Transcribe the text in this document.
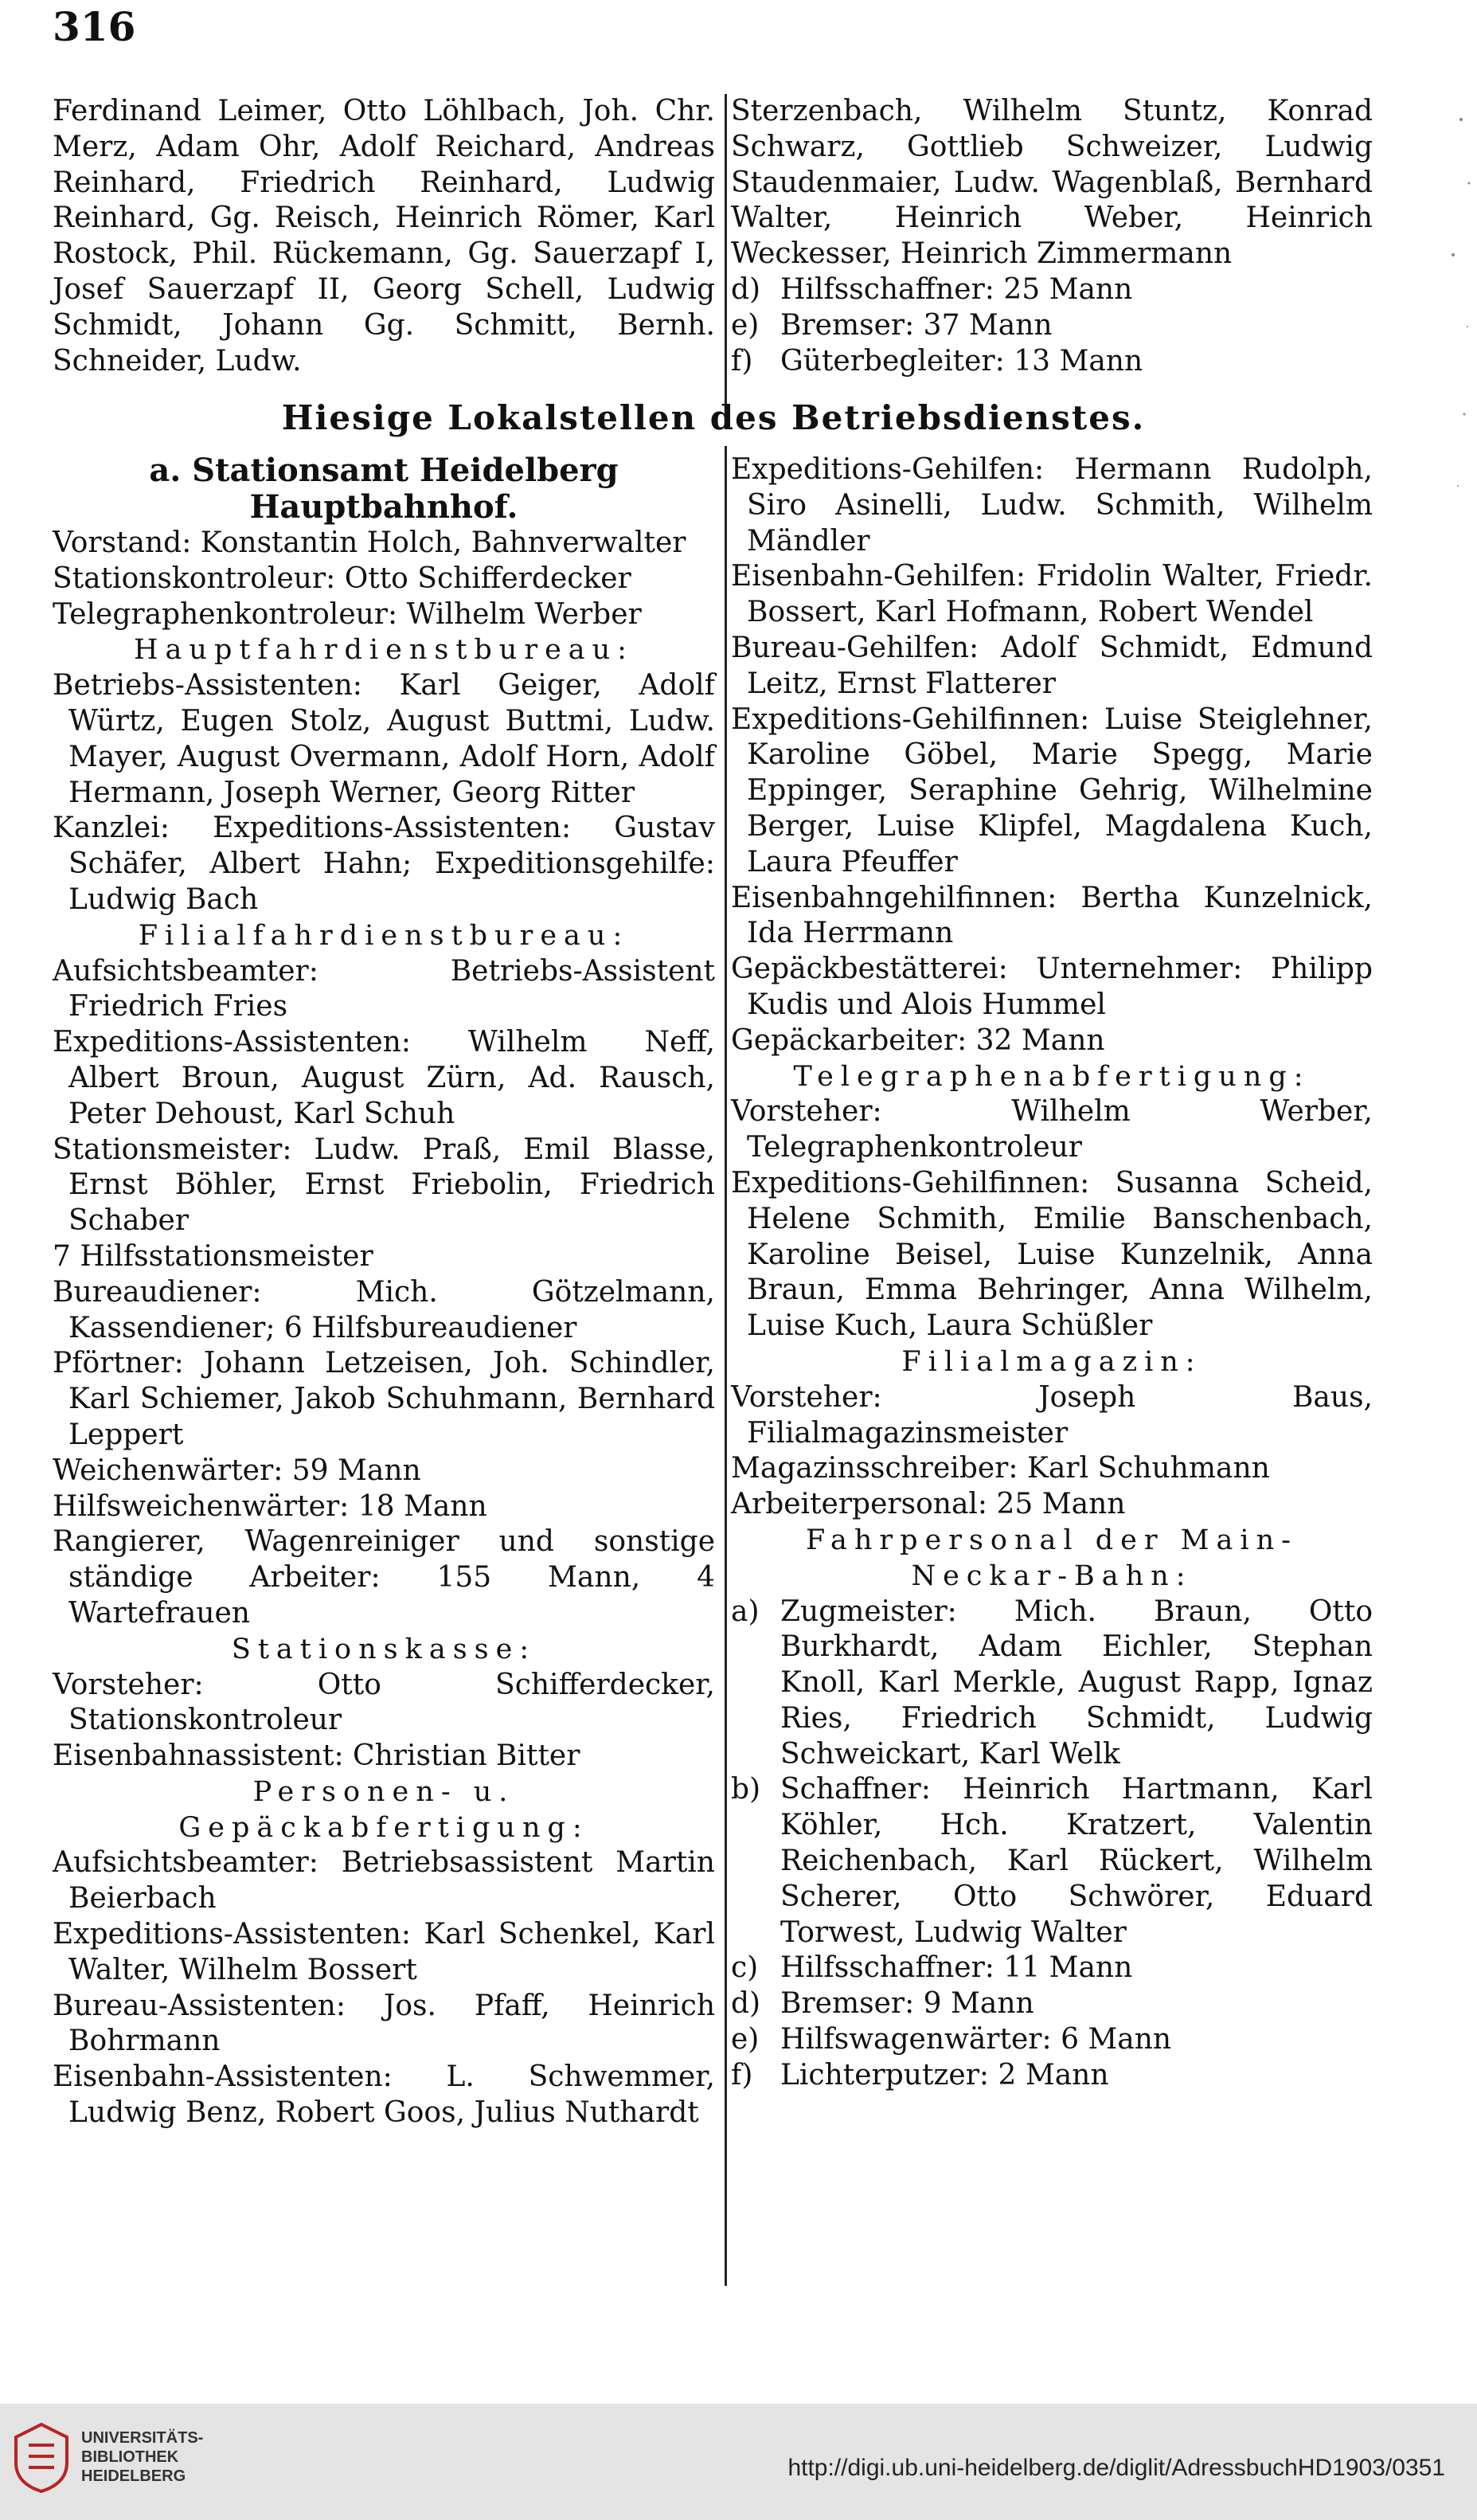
316
Ferdinand Leimer, Otto Löhlbach, Joh. Chr. Merz, Adam Ohr, Adolf Reichard, Andreas Reinhard, Friedrich Reinhard, Ludwig Reinhard, Gg. Reisch, Heinrich Römer, Karl Rostock, Phil. Rückemann, Gg. Sauerzapf I, Josef Sauerzapf II, Georg Schell, Ludwig Schmidt, Johann Gg. Schmitt, Bernh. Schneider, Ludw.
Sterzenbach, Wilhelm Stuntz, Konrad Schwarz, Gottlieb Schweizer, Ludwig Staudenmaier, Ludw. Wagenblaß, Bernhard Walter, Heinrich Weber, Heinrich Weckesser, Heinrich Zimmermann
d) Hilfsschaffner: 25 Mann
e) Bremser: 37 Mann
f) Güterbegleiter: 13 Mann
Hiesige Lokalstellen des Betriebsdienstes.
a. Stationsamt Heidelberg Hauptbahnhof.
Vorstand: Konstantin Holch, Bahnverwalter
Stationskontroleur: Otto Schifferdecker
Telegraphenkontroleur: Wilhelm Werber
Hauptfahrdienstbureau:
Betriebs-Assistenten: Karl Geiger, Adolf Würtz, Eugen Stolz, August Buttmi, Ludw. Mayer, August Overmann, Adolf Horn, Adolf Hermann, Joseph Werner, Georg Ritter
Kanzlei: Expeditions-Assistenten: Gustav Schäfer, Albert Hahn; Expeditionsgehilfe: Ludwig Bach
Filialfahrdienstbureau:
Aufsichtsbeamter: Betriebs-Assistent Friedrich Fries
Expeditions-Assistenten: Wilhelm Neff, Albert Broun, August Zürn, Ad. Rausch, Peter Dehoust, Karl Schuh
Stationsmeister: Ludw. Praß, Emil Blasse, Ernst Böhler, Ernst Friebolin, Friedrich Schaber
7 Hilfsstationsmeister
Bureaudiener: Mich. Götzelmann, Kassendiener; 6 Hilfsbureaudiener
Pförtner: Johann Letzeisen, Joh. Schindler, Karl Schiemer, Jakob Schuhmann, Bernhard Leppert
Weichenwärter: 59 Mann
Hilfsweichenwärter: 18 Mann
Rangierer, Wagenreiniger und sonstige ständige Arbeiter: 155 Mann, 4 Wartefrauen
Stationskasse:
Vorsteher: Otto Schifferdecker, Stationskontroleur
Eisenbahnassistent: Christian Bitter
Personen- u. Gepäckabfertigung:
Aufsichtsbeamter: Betriebsassistent Martin Beierbach
Expeditions-Assistenten: Karl Schenkel, Karl Walter, Wilhelm Bossert
Bureau-Assistenten: Jos. Pfaff, Heinrich Bohrmann
Eisenbahn-Assistenten: L. Schwemmer, Ludwig Benz, Robert Goos, Julius Nuthardt
Expeditions-Gehilfen: Hermann Rudolph, Siro Asinelli, Ludw. Schmith, Wilhelm Mändler
Eisenbahn-Gehilfen: Fridolin Walter, Friedr. Bossert, Karl Hofmann, Robert Wendel
Bureau-Gehilfen: Adolf Schmidt, Edmund Leitz, Ernst Flatterer
Expeditions-Gehilfinnen: Luise Steiglehner, Karoline Göbel, Marie Spegg, Marie Eppinger, Seraphine Gehrig, Wilhelmine Berger, Luise Klipfel, Magdalena Kuch, Laura Pfeuffer
Eisenbahngehilfinnen: Bertha Kunzelnick, Ida Herrmann
Gepäckbestätterei: Unternehmer: Philipp Kudis und Alois Hummel
Gepäckarbeiter: 32 Mann
Telegraphenabfertigung:
Vorsteher: Wilhelm Werber, Telegraphenkontroleur
Expeditions-Gehilfinnen: Susanna Scheid, Helene Schmith, Emilie Banschenbach, Karoline Beisel, Luise Kunzelnik, Anna Braun, Emma Behringer, Anna Wilhelm, Luise Kuch, Laura Schüßler
Filialmagazin:
Vorsteher: Joseph Baus, Filialmagazinsmeister
Magazinsschreiber: Karl Schuhmann
Arbeiterpersonal: 25 Mann
Fahrpersonal der Main-Neckar-Bahn:
a) Zugmeister: Mich. Braun, Otto Burkhardt, Adam Eichler, Stephan Knoll, Karl Merkle, August Rapp, Ignaz Ries, Friedrich Schmidt, Ludwig Schweickart, Karl Welk
b) Schaffner: Heinrich Hartmann, Karl Köhler, Hch. Kratzert, Valentin Reichenbach, Karl Rückert, Wilhelm Scherer, Otto Schwörer, Eduard Torwest, Ludwig Walter
c) Hilfsschaffner: 11 Mann
d) Bremser: 9 Mann
e) Hilfswagenwärter: 6 Mann
f) Lichterputzer: 2 Mann
UNIVERSITÄTS-
BIBLIOTHEK
HEIDELBERG	http://digi.ub.uni-heidelberg.de/diglit/AdressbuchHD1903/0351
